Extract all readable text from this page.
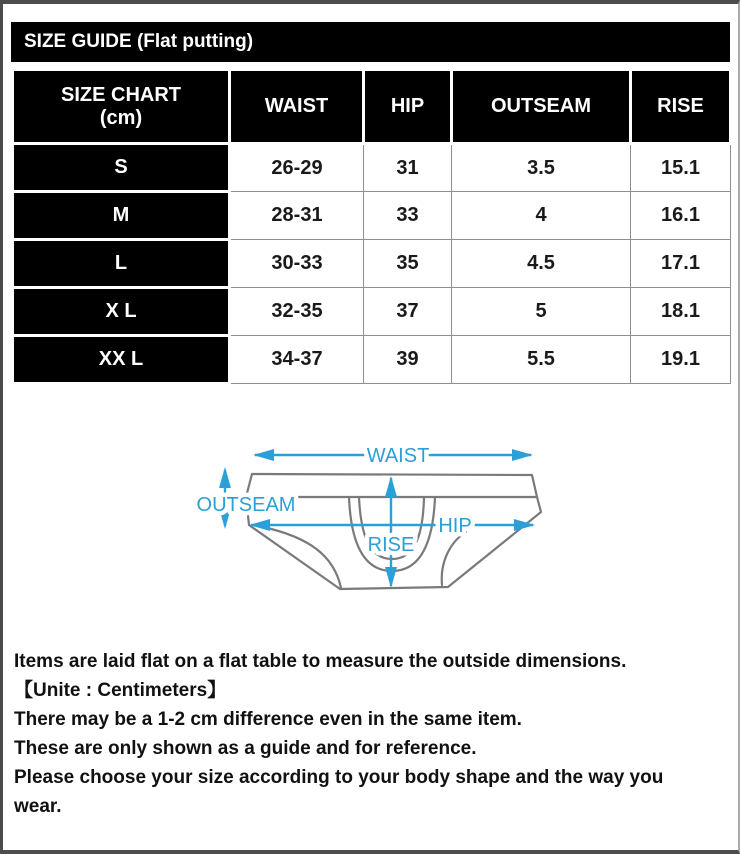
SIZE GUIDE (Flat putting)
SIZE CHART
(cm)	WAIST	HIP	OUTSEAM	RISE
S	26-29	31	3.5	15.1
M	28-31	33	4	16.1
L	30-33	35	4.5	17.1
X L	32-35	37	5	18.1
XX L	34-37	39	5.5	19.1
WAIST
OUTSEAM
HIP
RISE
Items are laid flat on a flat table to measure the outside dimensions.
【Unite : Centimeters】
There may be a 1-2 cm difference even in the same item.
These are only shown as a guide and for reference.
Please choose your size according to your body shape and the way you
wear.
